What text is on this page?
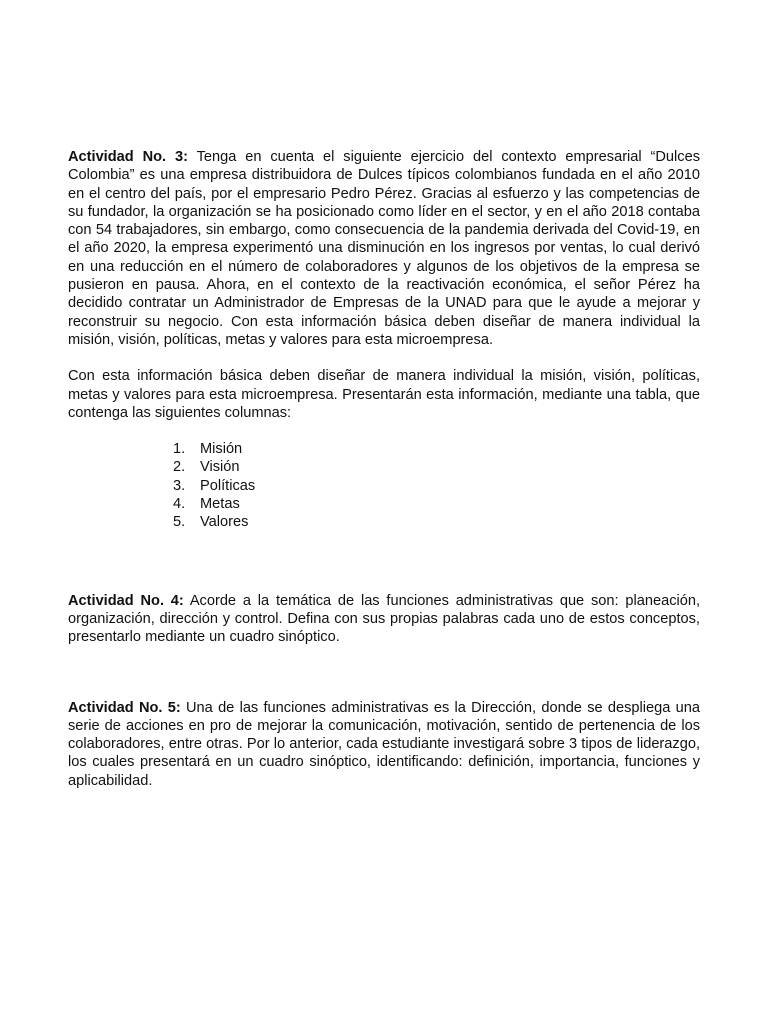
Actividad No. 3: Tenga en cuenta el siguiente ejercicio del contexto empresarial “Dulces Colombia” es una empresa distribuidora de Dulces típicos colombianos fundada en el año 2010 en el centro del país, por el empresario Pedro Pérez. Gracias al esfuerzo y las competencias de su fundador, la organización se ha posicionado como líder en el sector, y en el año 2018 contaba con 54 trabajadores, sin embargo, como consecuencia de la pandemia derivada del Covid-19, en el año 2020, la empresa experimentó una disminución en los ingresos por ventas, lo cual derivó en una reducción en el número de colaboradores y algunos de los objetivos de la empresa se pusieron en pausa. Ahora, en el contexto de la reactivación económica, el señor Pérez ha decidido contratar un Administrador de Empresas de la UNAD para que le ayude a mejorar y reconstruir su negocio. Con esta información básica deben diseñar de manera individual la misión, visión, políticas, metas y valores para esta microempresa.

Con esta información básica deben diseñar de manera individual la misión, visión, políticas, metas y valores para esta microempresa. Presentarán esta información, mediante una tabla, que contenga las siguientes columnas:

1.	Misión
2.	Visión
3.	Políticas
4.	Metas
5.	Valores

Actividad No. 4: Acorde a la temática de las funciones administrativas que son: planeación, organización, dirección y control. Defina con sus propias palabras cada uno de estos conceptos, presentarlo mediante un cuadro sinóptico.

Actividad No. 5: Una de las funciones administrativas es la Dirección, donde se despliega una serie de acciones en pro de mejorar la comunicación, motivación, sentido de pertenencia de los colaboradores, entre otras. Por lo anterior, cada estudiante investigará sobre 3 tipos de liderazgo, los cuales presentará en un cuadro sinóptico, identificando: definición, importancia, funciones y aplicabilidad.
